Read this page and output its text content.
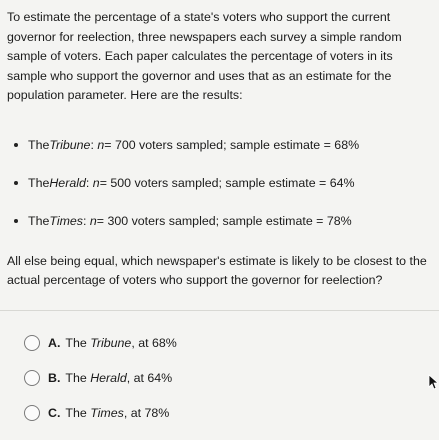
To estimate the percentage of a state's voters who support the current

governor for reelection, three newspapers each survey a simple random

sample of voters. Each paper calculates the percentage of voters in its

sample who support the governor and uses that as an estimate for the

population parameter. Here are the results:

The Tribune :
n = 700 voters sampled; sample estimate = 68%
The Herald :
n = 500 voters sampled; sample estimate = 64%
The Times :
n = 300 voters sampled; sample estimate = 78%

All else being equal, which newspaper's estimate is likely to be closest to the

actual percentage of voters who support the governor for reelection?

A. The
Tribune , at 68%
B. The
Herald , at 64%
C. The
Times , at 78%
